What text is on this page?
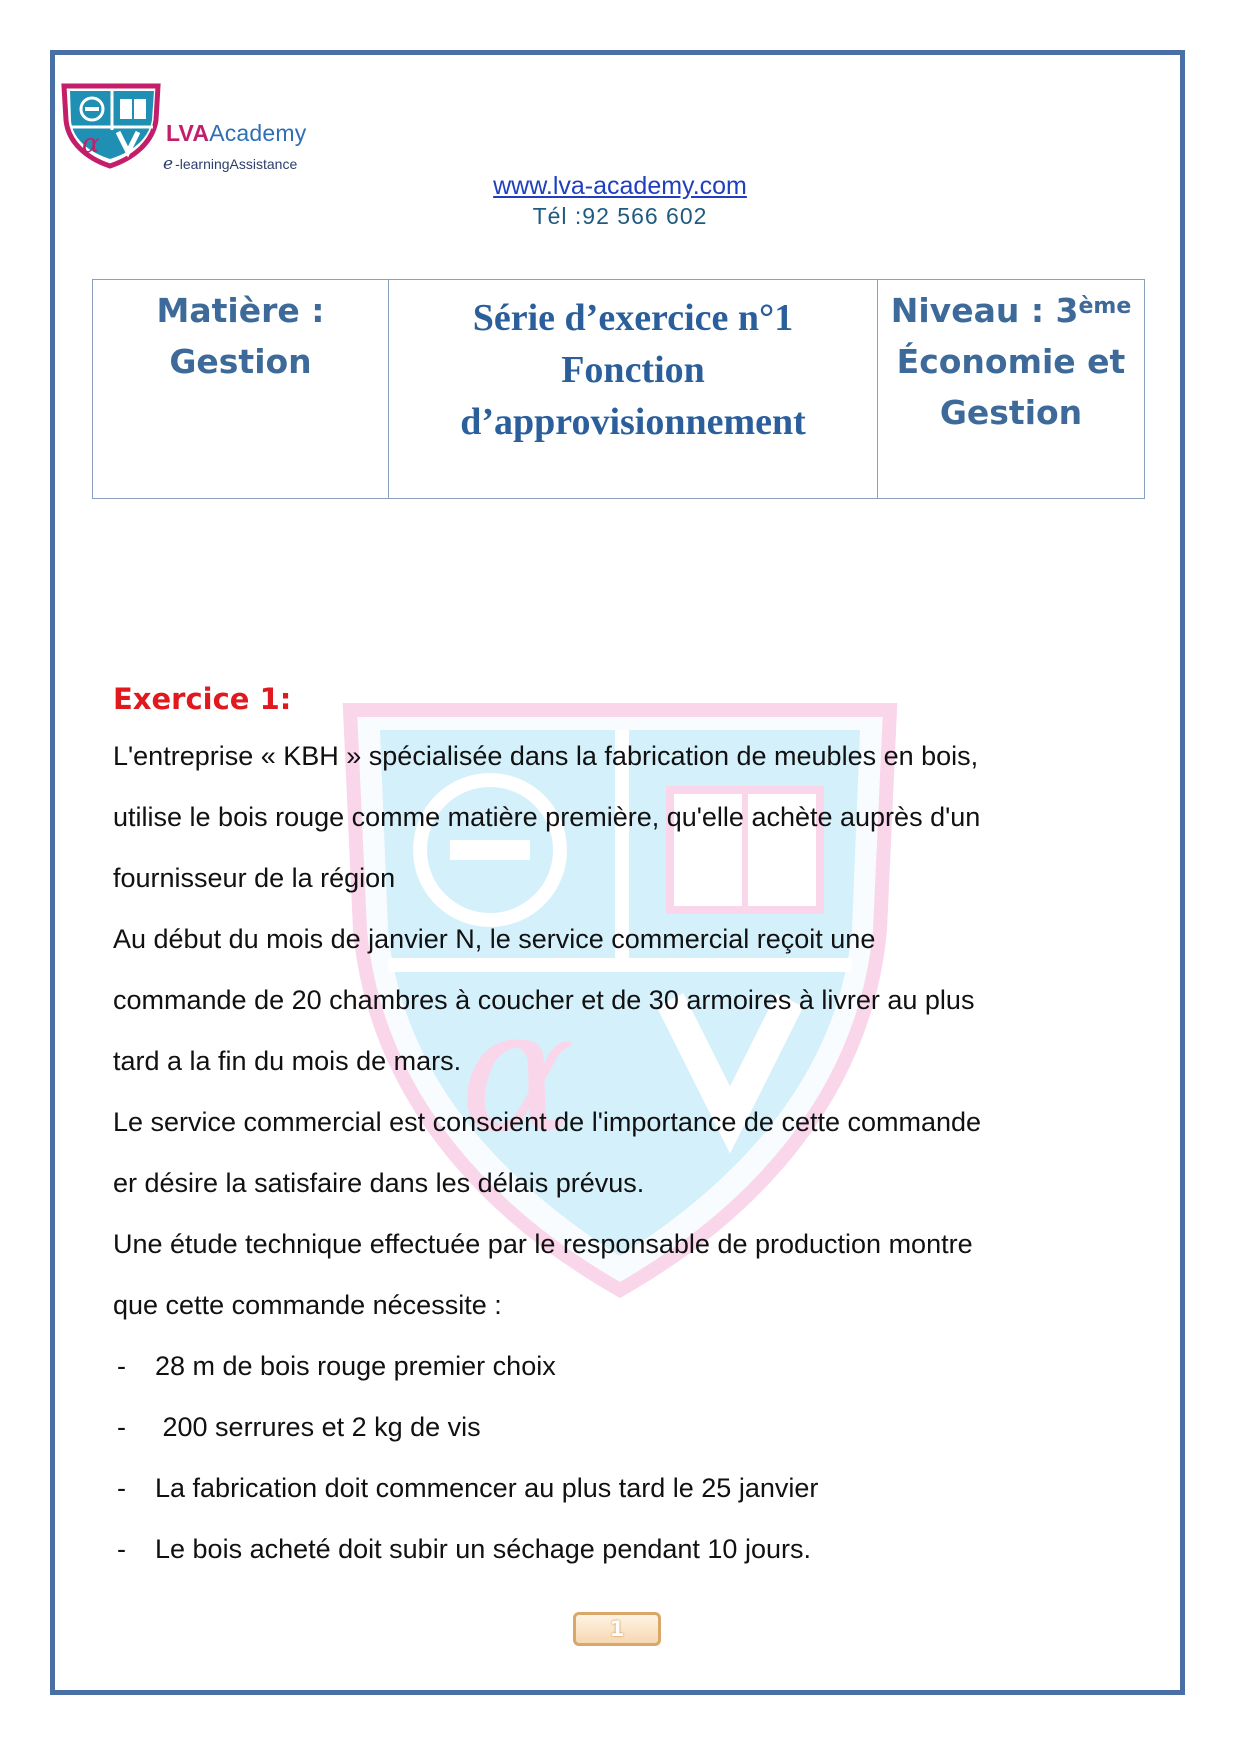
α	LVAAcademy
e -learningAssistance
www.lva-academy.com
Tél :92 566 602
Matière :
Gestion

Série d’exercice n°1
Fonction
d’approvisionnement

Niveau : 3ème
Économie et
Gestion
α

Exercice 1:

L'entreprise « KBH » spécialisée dans la fabrication de meubles en bois,

utilise le bois rouge comme matière première, qu'elle achète auprès d'un

fournisseur de la région

Au début du mois de janvier N, le service commercial reçoit une

commande de 20 chambres à coucher et de 30 armoires à livrer au plus

tard a la fin du mois de mars.

Le service commercial est conscient de l'importance de cette commande

er désire la satisfaire dans les délais prévus.

Une étude technique effectuée par le responsable de production montre

que cette commande nécessite :

- 28 m de bois rouge premier choix
- 200 serrures et 2 kg de vis
- La fabrication doit commencer au plus tard le 25 janvier
- Le bois acheté doit subir un séchage pendant 10 jours.
1
